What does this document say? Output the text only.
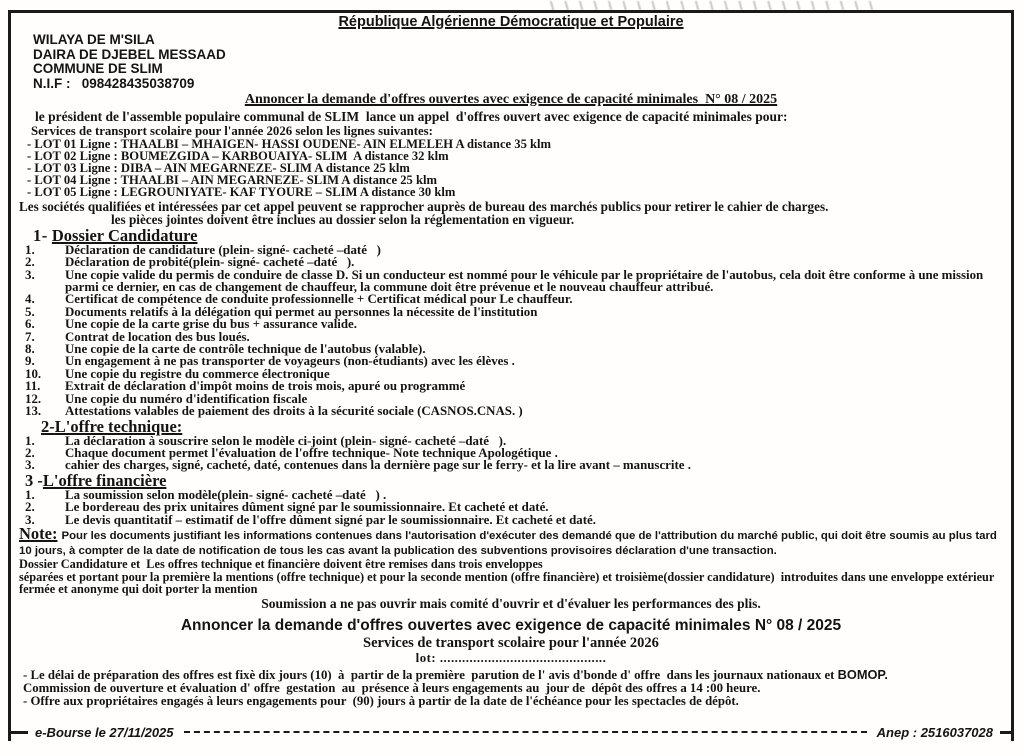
République Algérienne Démocratique et Populaire
WILAYA DE M'SILA
DAIRA DE DJEBEL MESSAAD
COMMUNE DE SLIM
N.I.F :   098428435038709
Annoncer la demande d'offres ouvertes avec exigence de capacité minimales  N° 08 / 2025

le président de l'assemble populaire communal de SLIM  lance un appel  d'offres ouvert avec exigence de capacité minimales pour:

Services de transport scolaire pour l'année 2026 selon les lignes suivantes:

- LOT 01 Ligne : THAALBI – MHAIGEN- HASSI OUDENE- AIN ELMELEH A distance 35 klm
- LOT 02 Ligne : BOUMEZGIDA – KARBOUAIYA- SLIM  A distance 32 klm
- LOT 03 Ligne : DIBA – AIN MEGARNEZE- SLIM A distance 25 klm
- LOT 04 Ligne : THAALBI – AIN MEGARNEZE- SLIM A distance 25 klm
- LOT 05 Ligne : LEGROUNIYATE- KAF TYOURE – SLIM A distance 30 klm

Les sociétés qualifiées et intéressées par cet appel peuvent se rapprocher auprès de bureau des marchés publics pour retirer le cahier de charges.

les pièces jointes doivent être inclues au dossier selon la réglementation en vigueur.

1- Dossier Candidature
1.	Déclaration de candidature (plein- signé- cacheté –daté   )
2.	Déclaration de probité(plein- signé- cacheté –daté   ).
3.	Une copie valide du permis de conduire de classe D. Si un conducteur est nommé pour le véhicule par le propriétaire de l'autobus, cela doit être conforme à une mission parmi ce dernier, en cas de changement de chauffeur, la commune doit être prévenue et le nouveau chauffeur attribué.
4.	Certificat de compétence de conduite professionnelle + Certificat médical pour Le chauffeur.
5.	Documents relatifs à la délégation qui permet au personnes la nécessite de l'institution
6.	Une copie de la carte grise du bus + assurance valide.
7.	Contrat de location des bus loués.
8.	Une copie de la carte de contrôle technique de l'autobus (valable).
9.	Un engagement à ne pas transporter de voyageurs (non-étudiants) avec les élèves .
10.	Une copie du registre du commerce électronique
11.	Extrait de déclaration d'impôt moins de trois mois, apuré ou programmé
12.	Une copie du numéro d'identification fiscale
13.	Attestations valables de paiement des droits à la sécurité sociale (CASNOS.CNAS. )
2-L'offre technique:
1.	La déclaration à souscrire selon le modèle ci-joint (plein- signé- cacheté –daté   ).
2.	Chaque document permet l'évaluation de l'offre technique- Note technique Apologétique .
3.	cahier des charges, signé, cacheté, daté, contenues dans la dernière page sur le ferry- et la lire avant – manuscrite .
3 -L'offre financière
1.	La soumission selon modèle(plein- signé- cacheté –daté   ) .
2.	Le bordereau des prix unitaires dûment signé par le soumissionnaire. Et cacheté et daté.
3.	Le devis quantitatif – estimatif de l'offre dûment signé par le soumissionnaire. Et cacheté et daté.

Note: Pour les documents justifiant les informations contenues dans l'autorisation d'exécuter des demandé que de l'attribution du marché public, qui doit être soumis au plus tard 10 jours, à compter de la date de notification de tous les cas avant la publication des subventions provisoires déclaration d'une transaction.

Dossier Candidature et  Les offres technique et financière doivent être remises dans trois enveloppes

séparées et portant pour la première la mentions (offre technique) et pour la seconde mention (offre financière) et troisième(dossier candidature)  introduites dans une enveloppe extérieur fermée et anonyme qui doit porter la mention

Soumission a ne pas ouvrir mais comité d'ouvrir et d'évaluer les performances des plis.

Annoncer la demande d'offres ouvertes avec exigence de capacité minimales N° 08 / 2025
Services de transport scolaire pour l'année 2026
lot: .............................................

- Le délai de préparation des offres est fixè dix jours (10)  à  partir de la première  parution de l' avis d'bonde d' offre  dans les journaux nationaux et BOMOP.

Commission de ouverture et évaluation d' offre  gestation  au  présence à leurs engagements au  jour de  dépôt des offres a 14 :00 heure.

- Offre aux propriétaires engagés à leurs engagements pour  (90) jours à partir de la date de l'échéance pour les spectacles de dépôt.

e-Bourse le 27/11/2025	Anep : 2516037028
